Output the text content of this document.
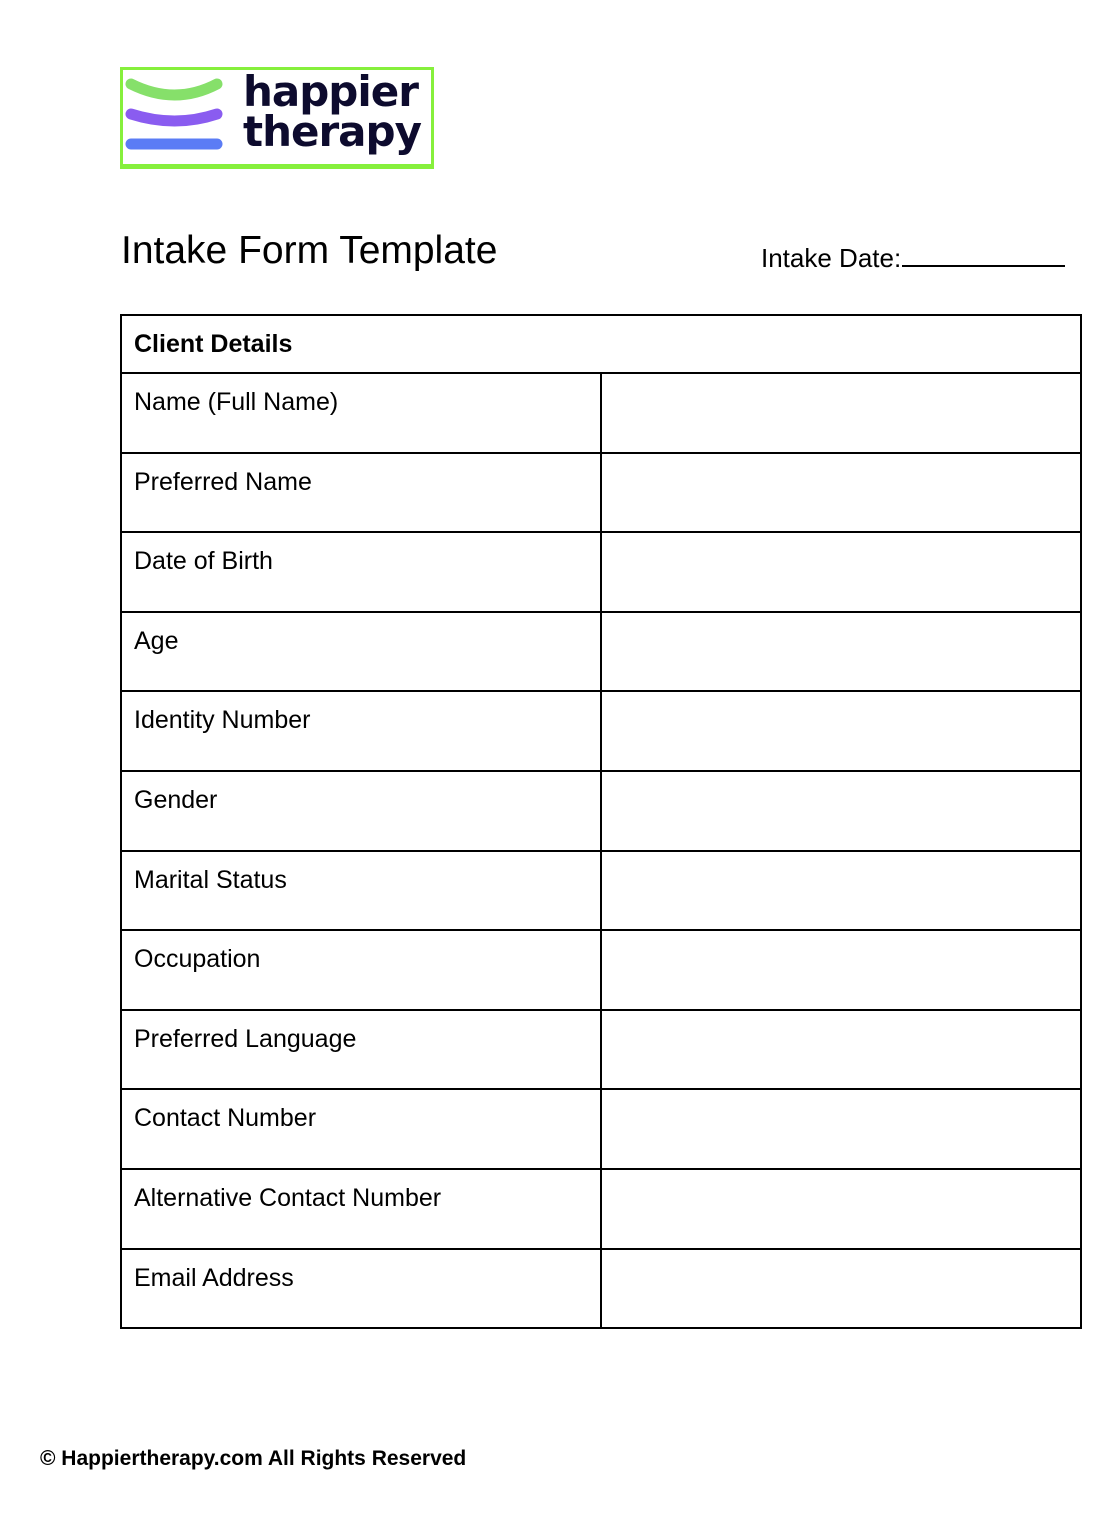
happier
therapy
Intake Form Template	Intake Date:
Client Details	
Name (Full Name)	
Preferred Name	
Date of Birth	
Age	
Identity Number	
Gender	
Marital Status	
Occupation	
Preferred Language	
Contact Number	
Alternative Contact Number	
Email Address	
© Happiertherapy.com All Rights Reserved
